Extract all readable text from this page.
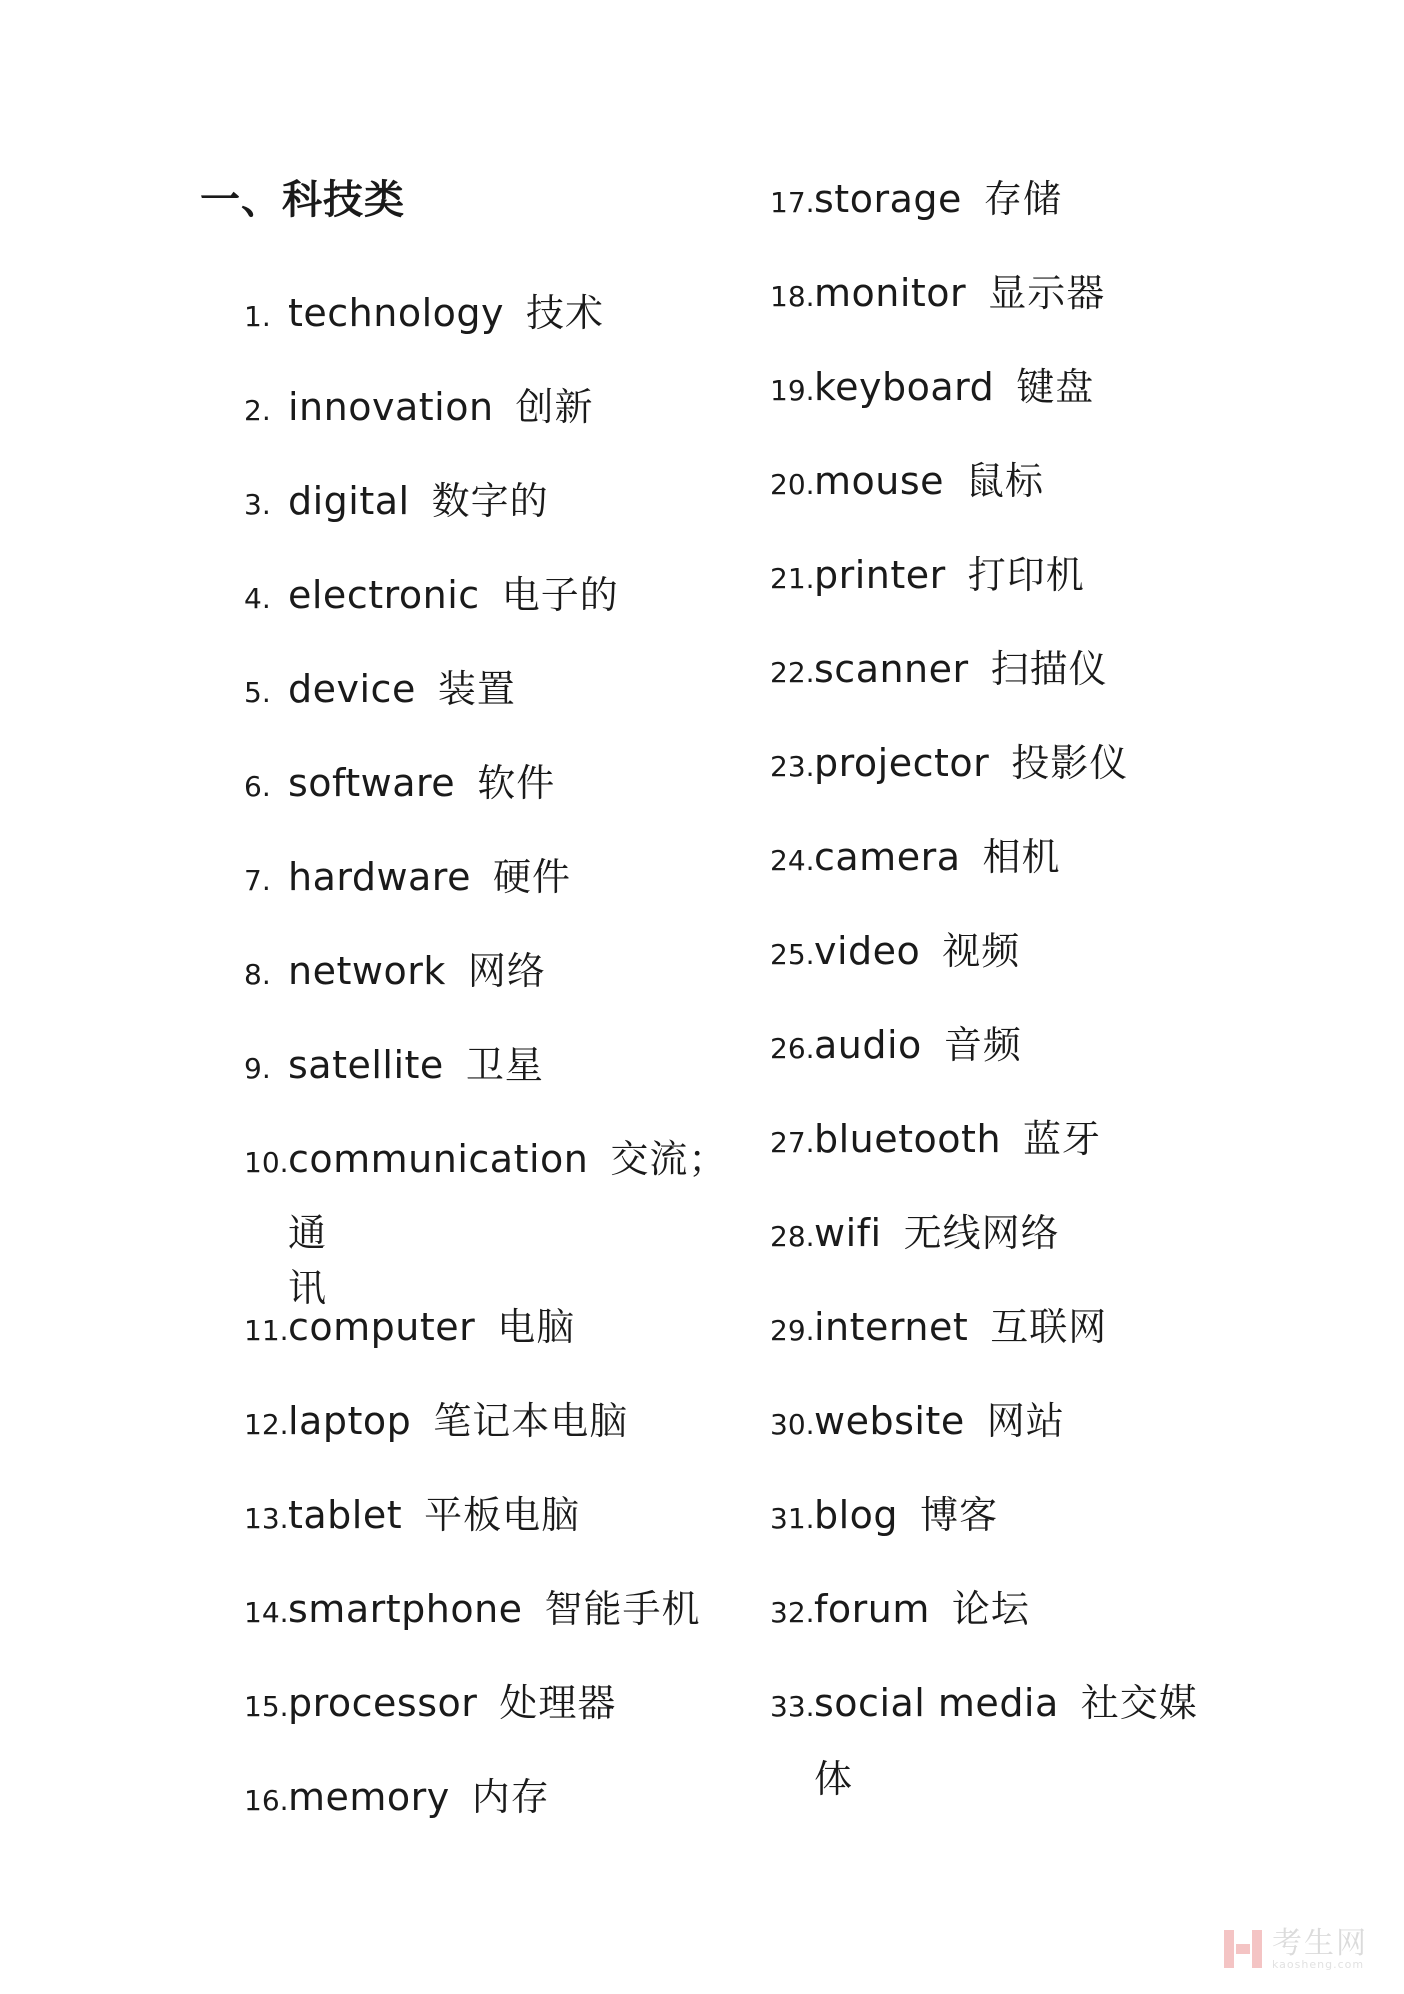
一、科技类
1. technology 技术
2. innovation 创新
3. digital 数字的
4. electronic 电子的
5. device 装置
6. software 软件
7. hardware 硬件
8. network 网络
9. satellite 卫星
10. communication 交流；
通讯
11. computer 电脑
12. laptop 笔记本电脑
13. tablet 平板电脑
14. smartphone 智能手机
15. processor 处理器
16. memory 内存
17. storage 存储
18. monitor 显示器
19. keyboard 键盘
20. mouse 鼠标
21. printer 打印机
22. scanner 扫描仪
23. projector 投影仪
24. camera 相机
25. video 视频
26. audio 音频
27. bluetooth 蓝牙
28. wifi 无线网络
29. internet 互联网
30. website 网站
31. blog 博客
32. forum 论坛
33. social media 社交媒
体
考生网
kaosheng.com
